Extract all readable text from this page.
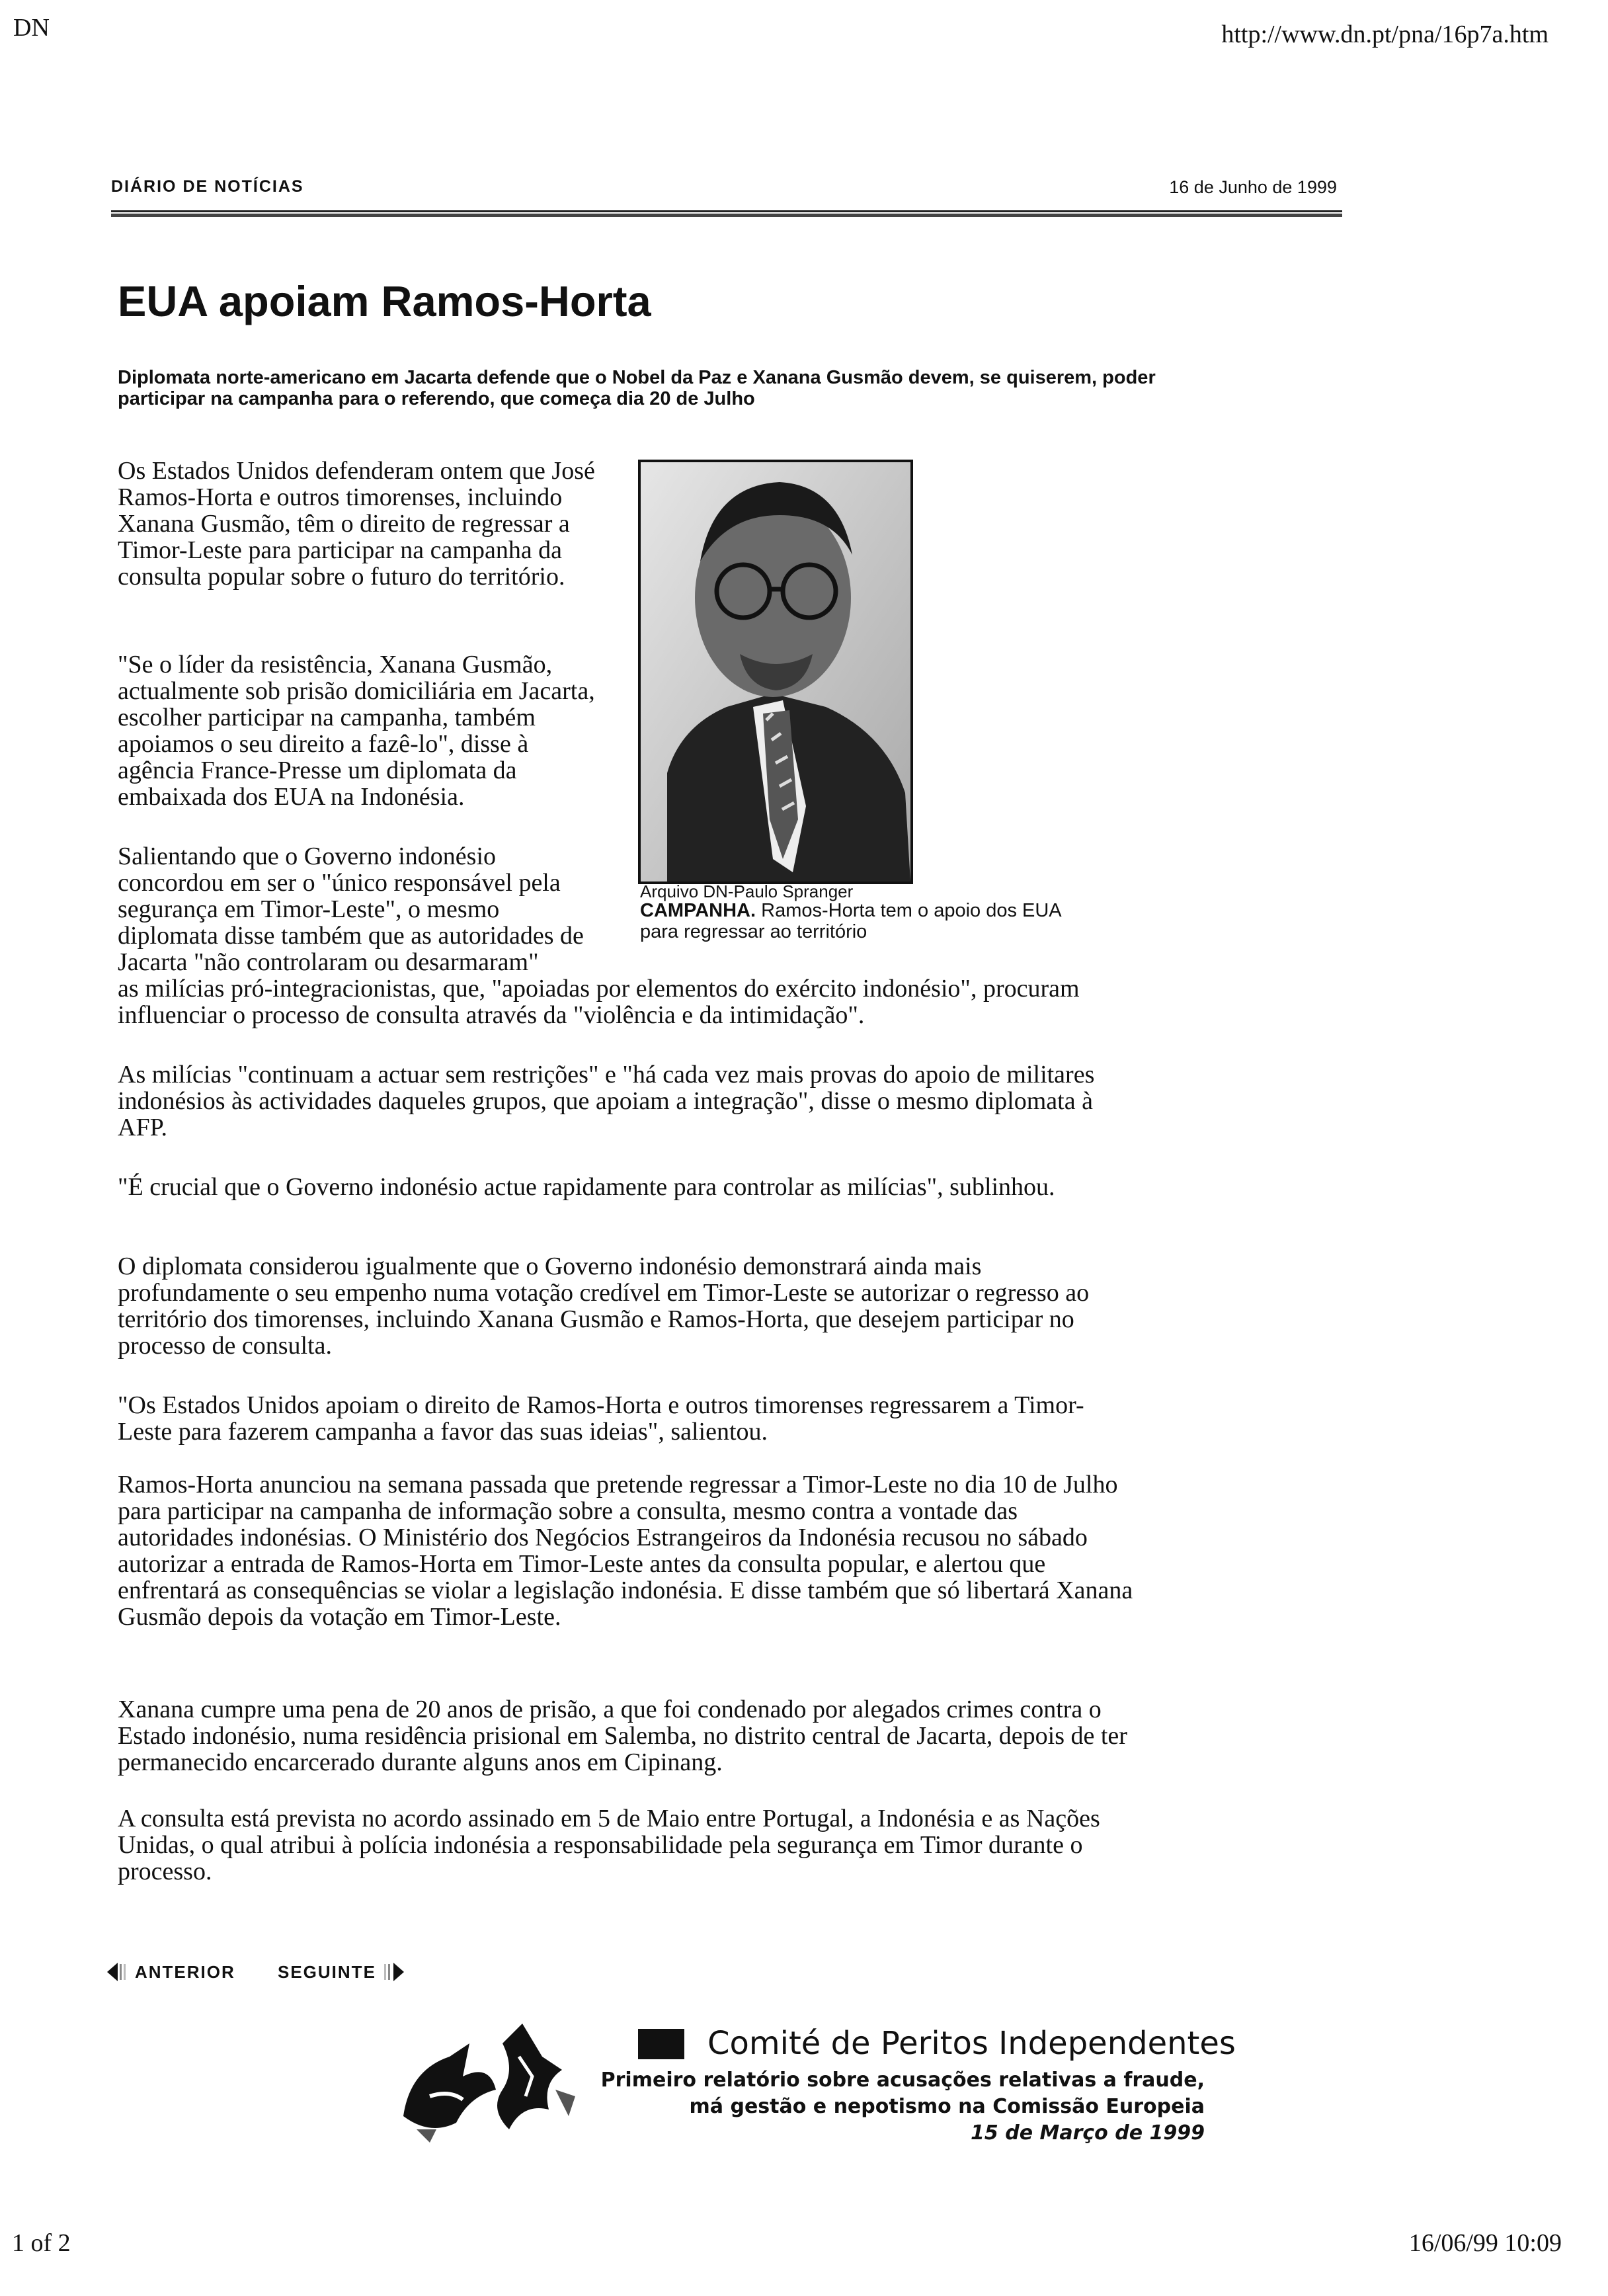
DN	http://www.dn.pt/pna/16p7a.htm
DIÁRIO DE NOTÍCIAS	16 de Junho de 1999
EUA apoiam Ramos-Horta
Diplomata norte-americano em Jacarta defende que o Nobel da Paz e Xanana Gusmão devem, se quiserem, poder participar na campanha para o referendo, que começa dia 20 de Julho

Os Estados Unidos defenderam ontem que José Ramos-Horta e outros timorenses, incluindo Xanana Gusmão, têm o direito de regressar a Timor-Leste para participar na campanha da consulta popular sobre o futuro do território.

"Se o líder da resistência, Xanana Gusmão, actualmente sob prisão domiciliária em Jacarta, escolher participar na campanha, também apoiamos o seu direito a fazê-lo", disse à agência France-Presse um diplomata da embaixada dos EUA na Indonésia.

Salientando que o Governo indonésio concordou em ser o "único responsável pela segurança em Timor-Leste", o mesmo diplomata disse também que as autoridades de Jacarta "não controlaram ou desarmaram"

as milícias pró-integracionistas, que, "apoiadas por elementos do exército indonésio", procuram influenciar o processo de consulta através da "violência e da intimidação".

As milícias "continuam a actuar sem restrições" e "há cada vez mais provas do apoio de militares indonésios às actividades daqueles grupos, que apoiam a integração", disse o mesmo diplomata à AFP.

"É crucial que o Governo indonésio actue rapidamente para controlar as milícias", sublinhou.

O diplomata considerou igualmente que o Governo indonésio demonstrará ainda mais profundamente o seu empenho numa votação credível em Timor-Leste se autorizar o regresso ao território dos timorenses, incluindo Xanana Gusmão e Ramos-Horta, que desejem participar no processo de consulta.

"Os Estados Unidos apoiam o direito de Ramos-Horta e outros timorenses regressarem a Timor-Leste para fazerem campanha a favor das suas ideias", salientou.

Ramos-Horta anunciou na semana passada que pretende regressar a Timor-Leste no dia 10 de Julho para participar na campanha de informação sobre a consulta, mesmo contra a vontade das autoridades indonésias. O Ministério dos Negócios Estrangeiros da Indonésia recusou no sábado autorizar a entrada de Ramos-Horta em Timor-Leste antes da consulta popular, e alertou que enfrentará as consequências se violar a legislação indonésia. E disse também que só libertará Xanana Gusmão depois da votação em Timor-Leste.

Xanana cumpre uma pena de 20 anos de prisão, a que foi condenado por alegados crimes contra o Estado indonésio, numa residência prisional em Salemba, no distrito central de Jacarta, depois de ter permanecido encarcerado durante alguns anos em Cipinang.

A consulta está prevista no acordo assinado em 5 de Maio entre Portugal, a Indonésia e as Nações Unidas, o qual atribui à polícia indonésia a responsabilidade pela segurança em Timor durante o processo.

Arquivo DN-Paulo Spranger
CAMPANHA. Ramos-Horta tem o apoio dos EUA para regressar ao território
ANTERIOR SEGUINTE
Comité de Peritos Independentes
Primeiro relatório sobre acusações relativas a fraude,
má gestão e nepotismo na Comissão Europeia
15 de Março de 1999
1 of 2	16/06/99 10:09
